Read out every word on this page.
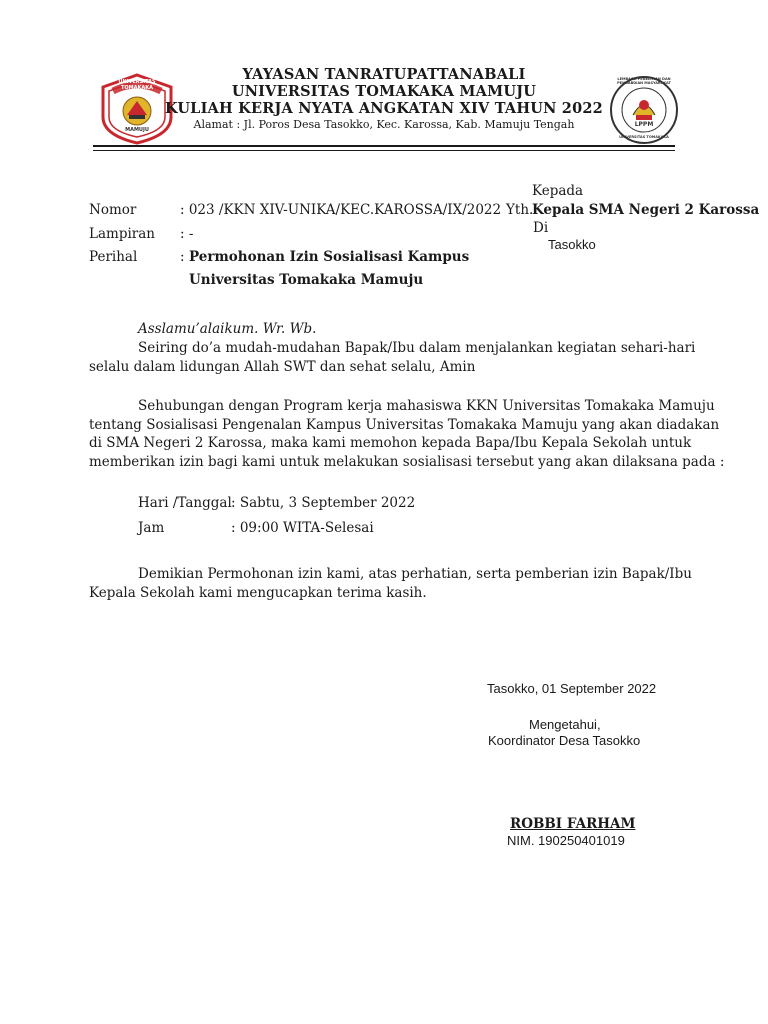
UNIVERSITAS TOMAKAKA
MAMUJU
LEMBAGA PENELITIAN DAN PENGABDIAN MASYARAKAT
LPPM
UNIVERSITAS TOMAKAKA
YAYASAN TANRATUPATTANABALI
UNIVERSITAS TOMAKAKA MAMUJU
KULIAH KERJA NYATA ANGKATAN XIV TAHUN 2022
Alamat : Jl. Poros Desa Tasokko, Kec. Karossa, Kab. Mamuju Tengah
Kepada
Yth.
Kepala SMA Negeri 2 Karossa
Di
Tasokko
Nomor	: 023 /KKN XIV-UNIKA/KEC.KAROSSA/IX/2022
Lampiran : -
Perihal	: Permohonan Izin Sosialisasi Kampus
Universitas Tomakaka Mamuju
Asslamu’alaikum. Wr. Wb.
Seiring do’a mudah-mudahan Bapak/Ibu dalam menjalankan kegiatan sehari-hari
selalu dalam lidungan Allah SWT dan sehat selalu, Amin
Sehubungan dengan Program kerja mahasiswa KKN Universitas Tomakaka Mamuju
tentang Sosialisasi Pengenalan Kampus Universitas Tomakaka Mamuju yang akan diadakan
di SMA Negeri 2 Karossa, maka kami memohon kepada Bapa/Ibu Kepala Sekolah untuk
memberikan izin bagi kami untuk melakukan sosialisasi tersebut yang akan dilaksana pada :
Hari /Tanggal : Sabtu, 3 September 2022
Jam	: 09:00 WITA-Selesai
Demikian Permohonan izin kami, atas perhatian, serta pemberian izin Bapak/Ibu
Kepala Sekolah kami mengucapkan terima kasih.
Tasokko, 01 September 2022
Mengetahui,
Koordinator Desa Tasokko
ROBBI FARHAM
NIM. 190250401019
